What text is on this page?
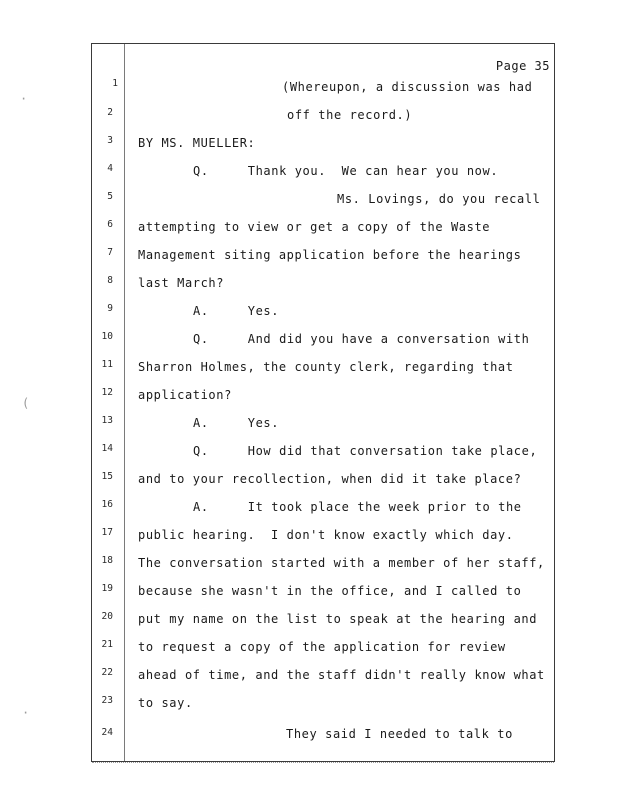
Page 35
1	(Whereupon, a discussion was had
2	off the record.)
3 BY MS. MUELLER:
4	Q.     Thank you.  We can hear you now.
5	Ms. Lovings, do you recall
6 attempting to view or get a copy of the Waste
7 Management siting application before the hearings
8 last March?
9	A.     Yes.
10	Q.     And did you have a conversation with
11 Sharron Holmes, the county clerk, regarding that
12 application?
13	A.     Yes.
14	Q.     How did that conversation take place,
15 and to your recollection, when did it take place?
16	A.     It took place the week prior to the
17 public hearing.  I don't know exactly which day.
18 The conversation started with a member of her staff,
19 because she wasn't in the office, and I called to
20 put my name on the list to speak at the hearing and
21 to request a copy of the application for review
22 ahead of time, and the staff didn't really know what
23 to say.
24	They said I needed to talk to
·
(
·
